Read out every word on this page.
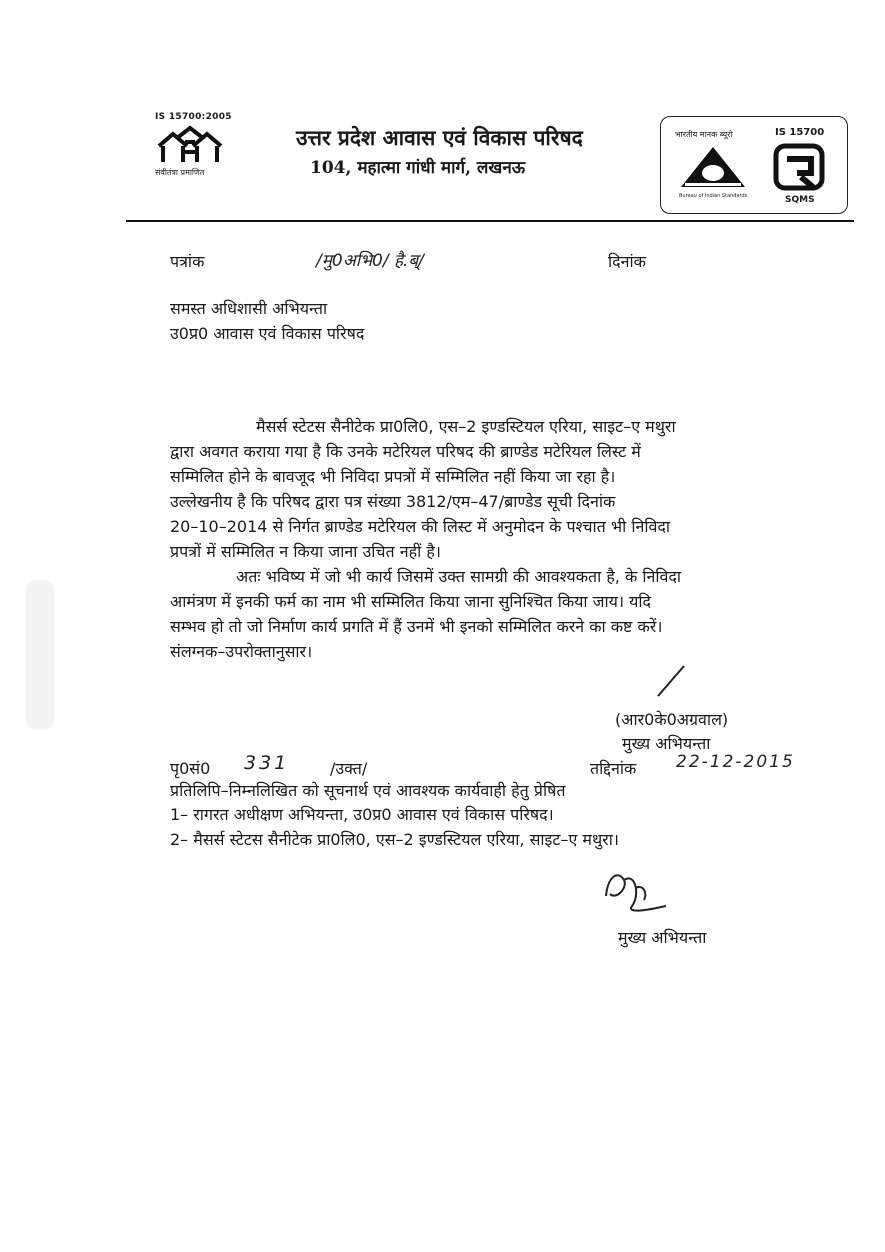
IS 15700:2005
संवीतंत्रा प्रमाणित
उत्तर प्रदेश आवास एवं विकास परिषद
104, महात्मा गांधी मार्ग, लखनऊ
भारतीय मानक ब्यूरो	IS 15700
Bureau of Indian Standards	SQMS
पत्रांक	/मु0अभि0/ है.ब्/	दिनांक
समस्त अधिशासी अभियन्ता
उ0प्र0 आवास एवं विकास परिषद
मैसर्स स्टेटस सैनीटेक प्रा0लि0, एस–2 इण्डस्टियल एरिया, साइट–ए मथुरा
द्वारा अवगत कराया गया है कि उनके मटेरियल परिषद की ब्राण्डेड मटेरियल लिस्ट में
सम्मिलित होने के बावजूद भी निविदा प्रपत्रों में सम्मिलित नहीं किया जा रहा है।
उल्लेखनीय है कि परिषद द्वारा पत्र संख्या 3812/एम–47/ब्राण्डेड सूची दिनांक
20–10–2014 से निर्गत ब्राण्डेड मटेरियल की लिस्ट में अनुमोदन के पश्चात भी निविदा
प्रपत्रों में सम्मिलित न किया जाना उचित नहीं है।
अतः भविष्य में जो भी कार्य जिसमें उक्त सामग्री की आवश्यकता है, के निविदा
आमंत्रण में इनकी फर्म का नाम भी सम्मिलित किया जाना सुनिश्चित किया जाय। यदि
सम्भव हो तो जो निर्माण कार्य प्रगति में हैं उनमें भी इनको सम्मिलित करने का कष्ट करें।
संलग्नक–उपरोक्तानुसार।
(आर0के0अग्रवाल)
मुख्य अभियन्ता
पृ0सं0 331	/उक्त/	तद्दिनांक 22-12-2015
प्रतिलिपि–निम्नलिखित को सूचनार्थ एवं आवश्यक कार्यवाही हेतु प्रेषित
1– रागरत अधीक्षण अभियन्ता, उ0प्र0 आवास एवं विकास परिषद।
2– मैसर्स स्टेटस सैनीटेक प्रा0लि0, एस–2 इण्डस्टियल एरिया, साइट–ए मथुरा।
मुख्य अभियन्ता
